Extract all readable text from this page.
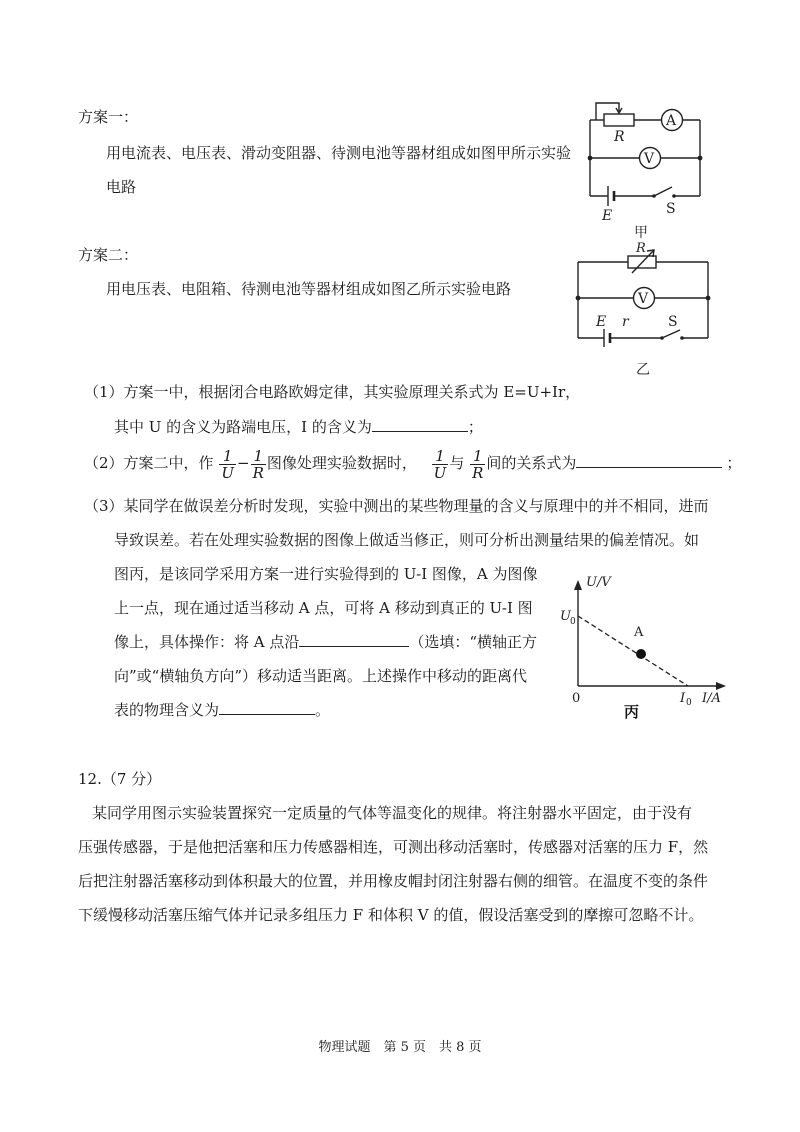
方案一：
用电流表、电压表、滑动变阻器、待测电池等器材组成如图甲所示实验
电路
A
V
R
E	S
甲
方案二：
用电压表、电阻箱、待测电池等器材组成如图乙所示实验电路
V
R
E r	S
乙
（1）方案一中，根据闭合电路欧姆定律，其实验原理关系式为 E=U+Ir，
其中 U 的含义为路端电压，I 的含义为	；
（2）方案二中，作 $\frac{1}{U} - \frac{1}{R}$ 图像处理实验数据时， $\frac{1}{U}$ 与 $\frac{1}{R}$ 间的关系式为	；
（3）某同学在做误差分析时发现，实验中测出的某些物理量的含义与原理中的并不相同，进而
导致误差。若在处理实验数据的图像上做适当修正，则可分析出测量结果的偏差情况。如
图丙，是该同学采用方案一进行实验得到的 U-I 图像，A 为图像
上一点，现在通过适当移动 A 点，可将 A 移动到真正的 U-I 图
像上，具体操作：将 A 点沿	（选填：“横轴正方
向”或“横轴负方向”）移动适当距离。上述操作中移动的距离代
表的物理含义为	。
A
U/V
U 0
0	I 0 I/A
丙
12.（7 分）
某同学用图示实验装置探究一定质量的气体等温变化的规律。将注射器水平固定，由于没有
压强传感器，于是他把活塞和压力传感器相连，可测出移动活塞时，传感器对活塞的压力 F，然
后把注射器活塞移动到体积最大的位置，并用橡皮帽封闭注射器右侧的细管。在温度不变的条件
下缓慢移动活塞压缩气体并记录多组压力 F 和体积 V 的值，假设活塞受到的摩擦可忽略不计。
物理试题　第 5 页　共 8 页
